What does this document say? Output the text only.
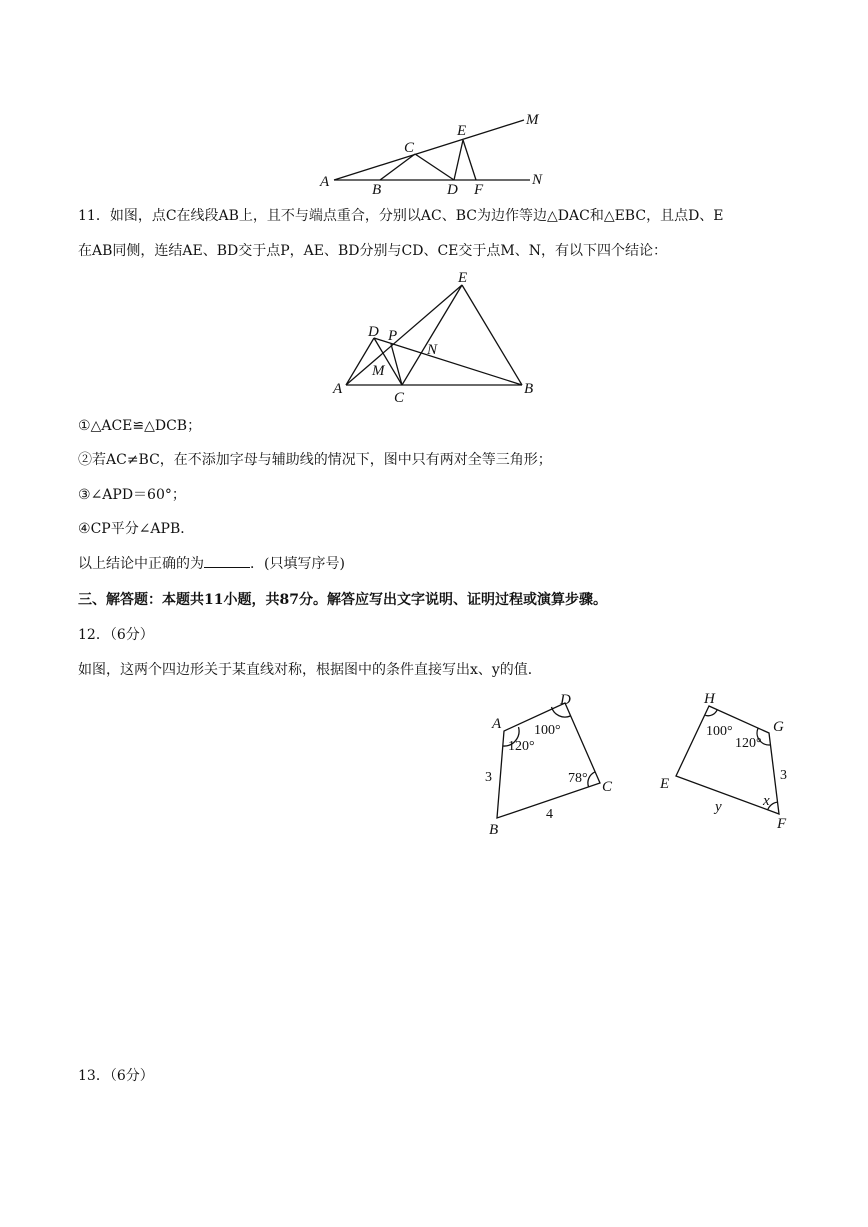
A	B
C
D
E
F
M
N
11．如图，点C在线段AB上，且不与端点重合，分别以AC、BC为边作等边△DAC和△EBC，且点D、E
在AB同侧，连结AE、BD交于点P，AE、BD分别与CD、CE交于点M、N，有以下四个结论：
A	B
C
D
E
P
M
N
①△ACE≌△DCB；
②若AC≠BC，在不添加字母与辅助线的情况下，图中只有两对全等三角形；
③∠APD＝60°；
④CP平分∠APB．
以上结论中正确的为	．(只填写序号)
三、解答题：本题共11小题，共87分。解答应写出文字说明、证明过程或演算步骤。
12．（6分）
如图，这两个四边形关于某直线对称，根据图中的条件直接写出x、y的值．
A
D
C
B
120°
100°
78°
3
4
H
G
E
F
100°
120°
x
3
y
13．（6分）
